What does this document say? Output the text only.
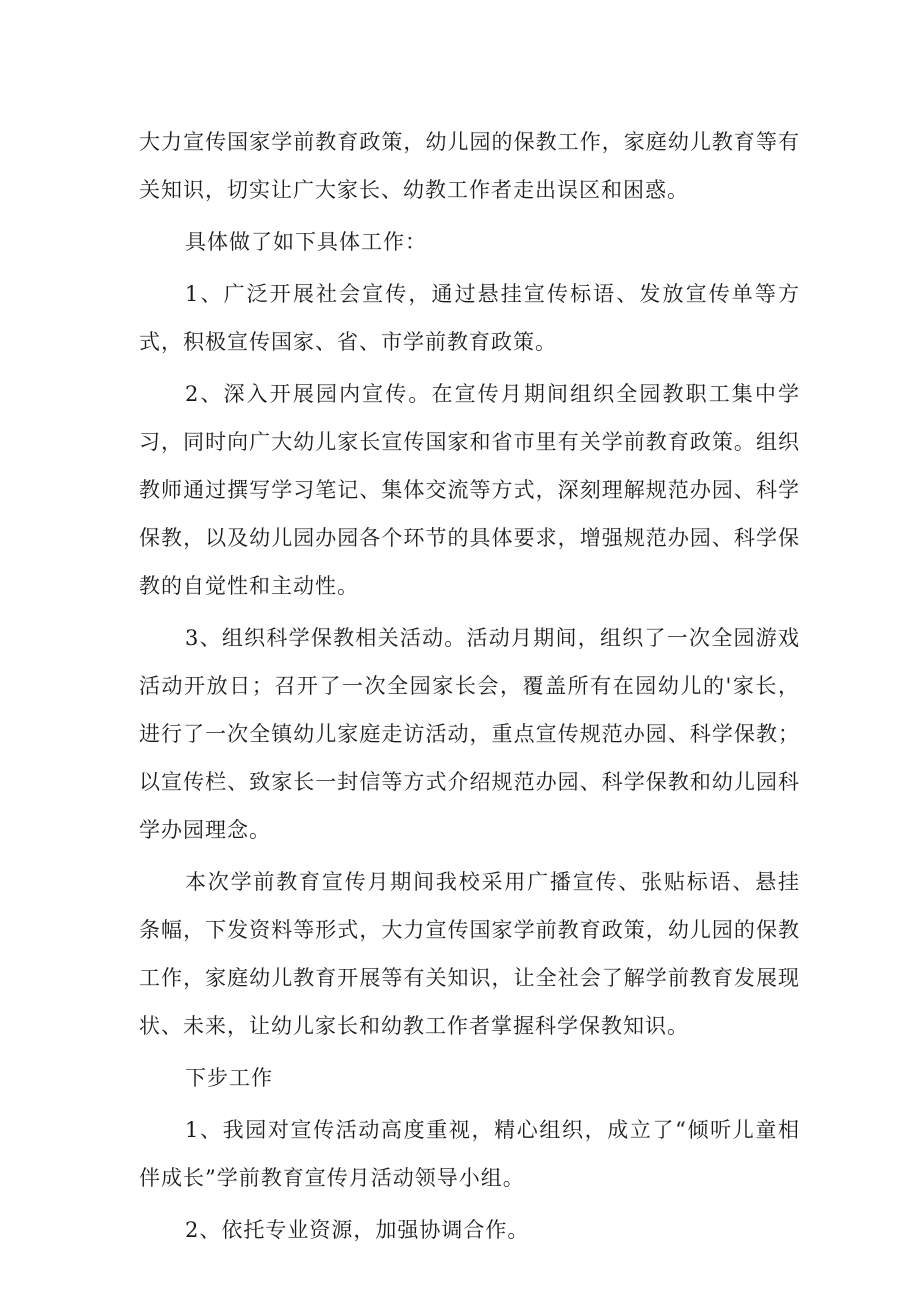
大力宣传国家学前教育政策，幼儿园的保教工作，家庭幼儿教育等有关知识，切实让广大家长、幼教工作者走出误区和困惑。

具体做了如下具体工作：

1、广泛开展社会宣传，通过悬挂宣传标语、发放宣传单等方式，积极宣传国家、省、市学前教育政策。

2、深入开展园内宣传。在宣传月期间组织全园教职工集中学习，同时向广大幼儿家长宣传国家和省市里有关学前教育政策。组织教师通过撰写学习笔记、集体交流等方式，深刻理解规范办园、科学保教，以及幼儿园办园各个环节的具体要求，增强规范办园、科学保教的自觉性和主动性。

3、组织科学保教相关活动。活动月期间，组织了一次全园游戏活动开放日；召开了一次全园家长会，覆盖所有在园幼儿的'家长，进行了一次全镇幼儿家庭走访活动，重点宣传规范办园、科学保教；以宣传栏、致家长一封信等方式介绍规范办园、科学保教和幼儿园科学办园理念。

本次学前教育宣传月期间我校采用广播宣传、张贴标语、悬挂条幅，下发资料等形式，大力宣传国家学前教育政策，幼儿园的保教工作，家庭幼儿教育开展等有关知识，让全社会了解学前教育发展现状、未来，让幼儿家长和幼教工作者掌握科学保教知识。

下步工作

1、我园对宣传活动高度重视，精心组织，成立了“倾听儿童相伴成长”学前教育宣传月活动领导小组。

2、依托专业资源，加强协调合作。
